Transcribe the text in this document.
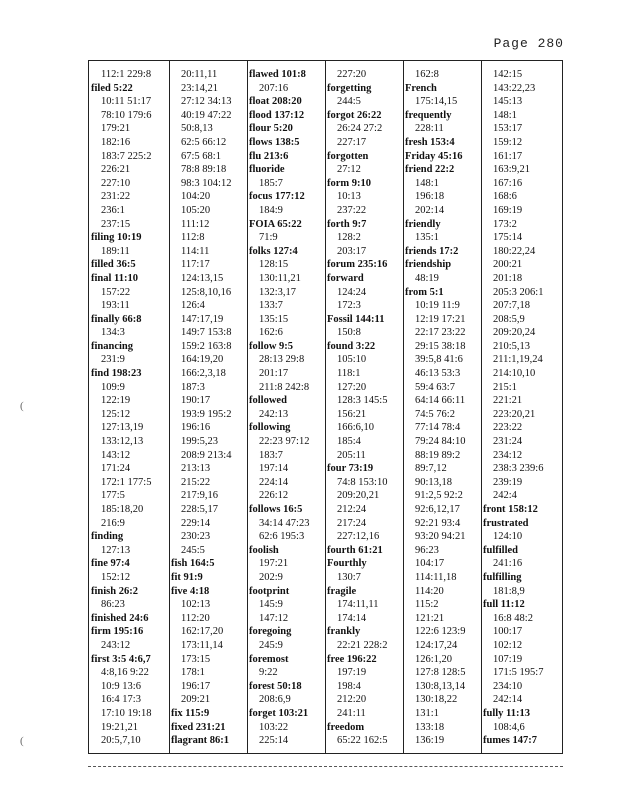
Page 280
112:1 229:8
filed 5:22
10:11 51:17
78:10 179:6
179:21
182:16
183:7 225:2
226:21
227:10
231:22
236:1
237:15
filing 10:19
189:11
filled 36:5
final 11:10
157:22
193:11
finally 66:8
134:3
financing
231:9
find 198:23
109:9
122:19
125:12
127:13,19
133:12,13
143:12
171:24
172:1 177:5
177:5
185:18,20
216:9
finding
127:13
fine 97:4
152:12
finish 26:2
86:23
finished 24:6
firm 195:16
243:12
first 3:5 4:6,7
4:8,16 9:22
10:9 13:6
16:4 17:3
17:10 19:18
19:21,21
20:5,7,10
20:11,11
23:14,21
27:12 34:13
40:19 47:22
50:8,13
62:5 66:12
67:5 68:1
78:8 89:18
98:3 104:12
104:20
105:20
111:12
112:8
114:11
117:17
124:13,15
125:8,10,16
126:4
147:17,19
149:7 153:8
159:2 163:8
164:19,20
166:2,3,18
187:3
190:17
193:9 195:2
196:16
199:5,23
208:9 213:4
213:13
215:22
217:9,16
228:5,17
229:14
230:23
245:5
fish 164:5
fit 91:9
five 4:18
102:13
112:20
162:17,20
173:11,14
173:15
178:1
196:17
209:21
fix 115:9
fixed 231:21
flagrant 86:1
flawed 101:8
207:16
float 208:20
flood 137:12
flour 5:20
flows 138:5
flu 213:6
fluoride
185:7
focus 177:12
184:9
FOIA 65:22
71:9
folks 127:4
128:15
130:11,21
132:3,17
133:7
135:15
162:6
follow 9:5
28:13 29:8
201:17
211:8 242:8
followed
242:13
following
22:23 97:12
183:7
197:14
224:14
226:12
follows 16:5
34:14 47:23
62:6 195:3
foolish
197:21
202:9
footprint
145:9
147:12
foregoing
245:9
foremost
9:22
forest 50:18
208:6,9
forget 103:21
103:22
225:14
227:20
forgetting
244:5
forgot 26:22
26:24 27:2
227:17
forgotten
27:12
form 9:10
10:13
237:22
forth 9:7
128:2
203:17
forum 235:16
forward
124:24
172:3
Fossil 144:11
150:8
found 3:22
105:10
118:1
127:20
128:3 145:5
156:21
166:6,10
185:4
205:11
four 73:19
74:8 153:10
209:20,21
212:24
217:24
227:12,16
fourth 61:21
Fourthly
130:7
fragile
174:11,11
174:14
frankly
22:21 228:2
free 196:22
197:19
198:4
212:20
241:11
freedom
65:22 162:5
162:8
French
175:14,15
frequently
228:11
fresh 153:4
Friday 45:16
friend 22:2
148:1
196:18
202:14
friendly
135:1
friends 17:2
friendship
48:19
from 5:1
10:19 11:9
12:19 17:21
22:17 23:22
29:15 38:18
39:5,8 41:6
46:13 53:3
59:4 63:7
64:14 66:11
74:5 76:2
77:14 78:4
79:24 84:10
88:19 89:2
89:7,12
90:13,18
91:2,5 92:2
92:6,12,17
92:21 93:4
93:20 94:21
96:23
104:17
114:11,18
114:20
115:2
121:21
122:6 123:9
124:17,24
126:1,20
127:8 128:5
130:8,13,14
130:18,22
131:1
133:18
136:19
142:15
143:22,23
145:13
148:1
153:17
159:12
161:17
163:9,21
167:16
168:6
169:19
173:2
175:14
180:22,24
200:21
201:18
205:3 206:1
207:7,18
208:5,9
209:20,24
210:5,13
211:1,19,24
214:10,10
215:1
221:21
223:20,21
223:22
231:24
234:12
238:3 239:6
239:19
242:4
front 158:12
frustrated
124:10
fulfilled
241:16
fulfilling
181:8,9
full 11:12
16:8 48:2
100:17
102:12
107:19
171:5 195:7
234:10
242:14
fully 11:13
108:4,6
fumes 147:7
(
(
